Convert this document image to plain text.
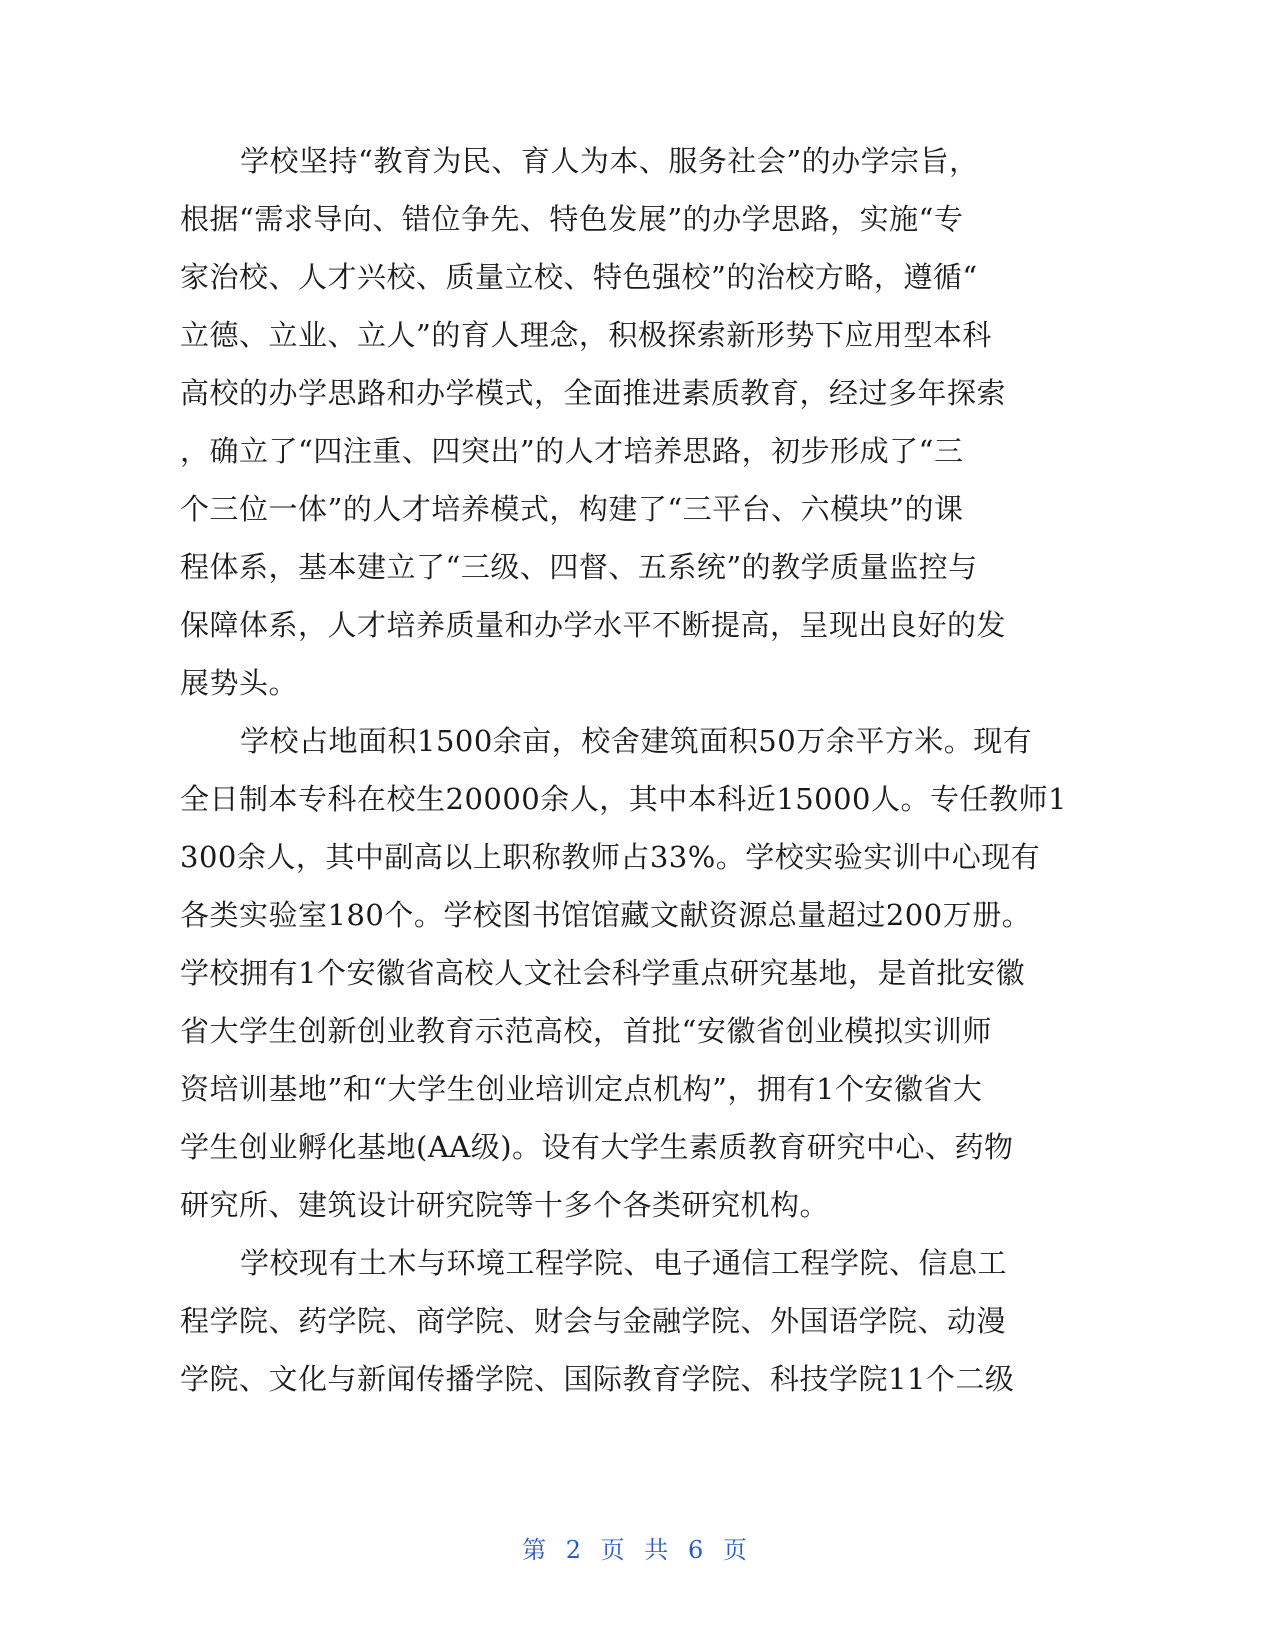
学校坚持“教育为民、育人为本、服务社会”的办学宗旨，
根据“需求导向、错位争先、特色发展”的办学思路，实施“专
家治校、人才兴校、质量立校、特色强校”的治校方略，遵循“
立德、立业、立人”的育人理念，积极探索新形势下应用型本科
高校的办学思路和办学模式，全面推进素质教育，经过多年探索
，确立了“四注重、四突出”的人才培养思路，初步形成了“三
个三位一体”的人才培养模式，构建了“三平台、六模块”的课
程体系，基本建立了“三级、四督、五系统”的教学质量监控与
保障体系，人才培养质量和办学水平不断提高，呈现出良好的发
展势头。
学校占地面积1500余亩，校舍建筑面积50万余平方米。现有
全日制本专科在校生20000余人，其中本科近15000人。专任教师1
300余人，其中副高以上职称教师占33%。学校实验实训中心现有
各类实验室180个。学校图书馆馆藏文献资源总量超过200万册。
学校拥有1个安徽省高校人文社会科学重点研究基地，是首批安徽
省大学生创新创业教育示范高校，首批“安徽省创业模拟实训师
资培训基地”和“大学生创业培训定点机构”，拥有1个安徽省大
学生创业孵化基地(AA级)。设有大学生素质教育研究中心、药物
研究所、建筑设计研究院等十多个各类研究机构。
学校现有土木与环境工程学院、电子通信工程学院、信息工
程学院、药学院、商学院、财会与金融学院、外国语学院、动漫
学院、文化与新闻传播学院、国际教育学院、科技学院11个二级
第 2 页 共 6 页
